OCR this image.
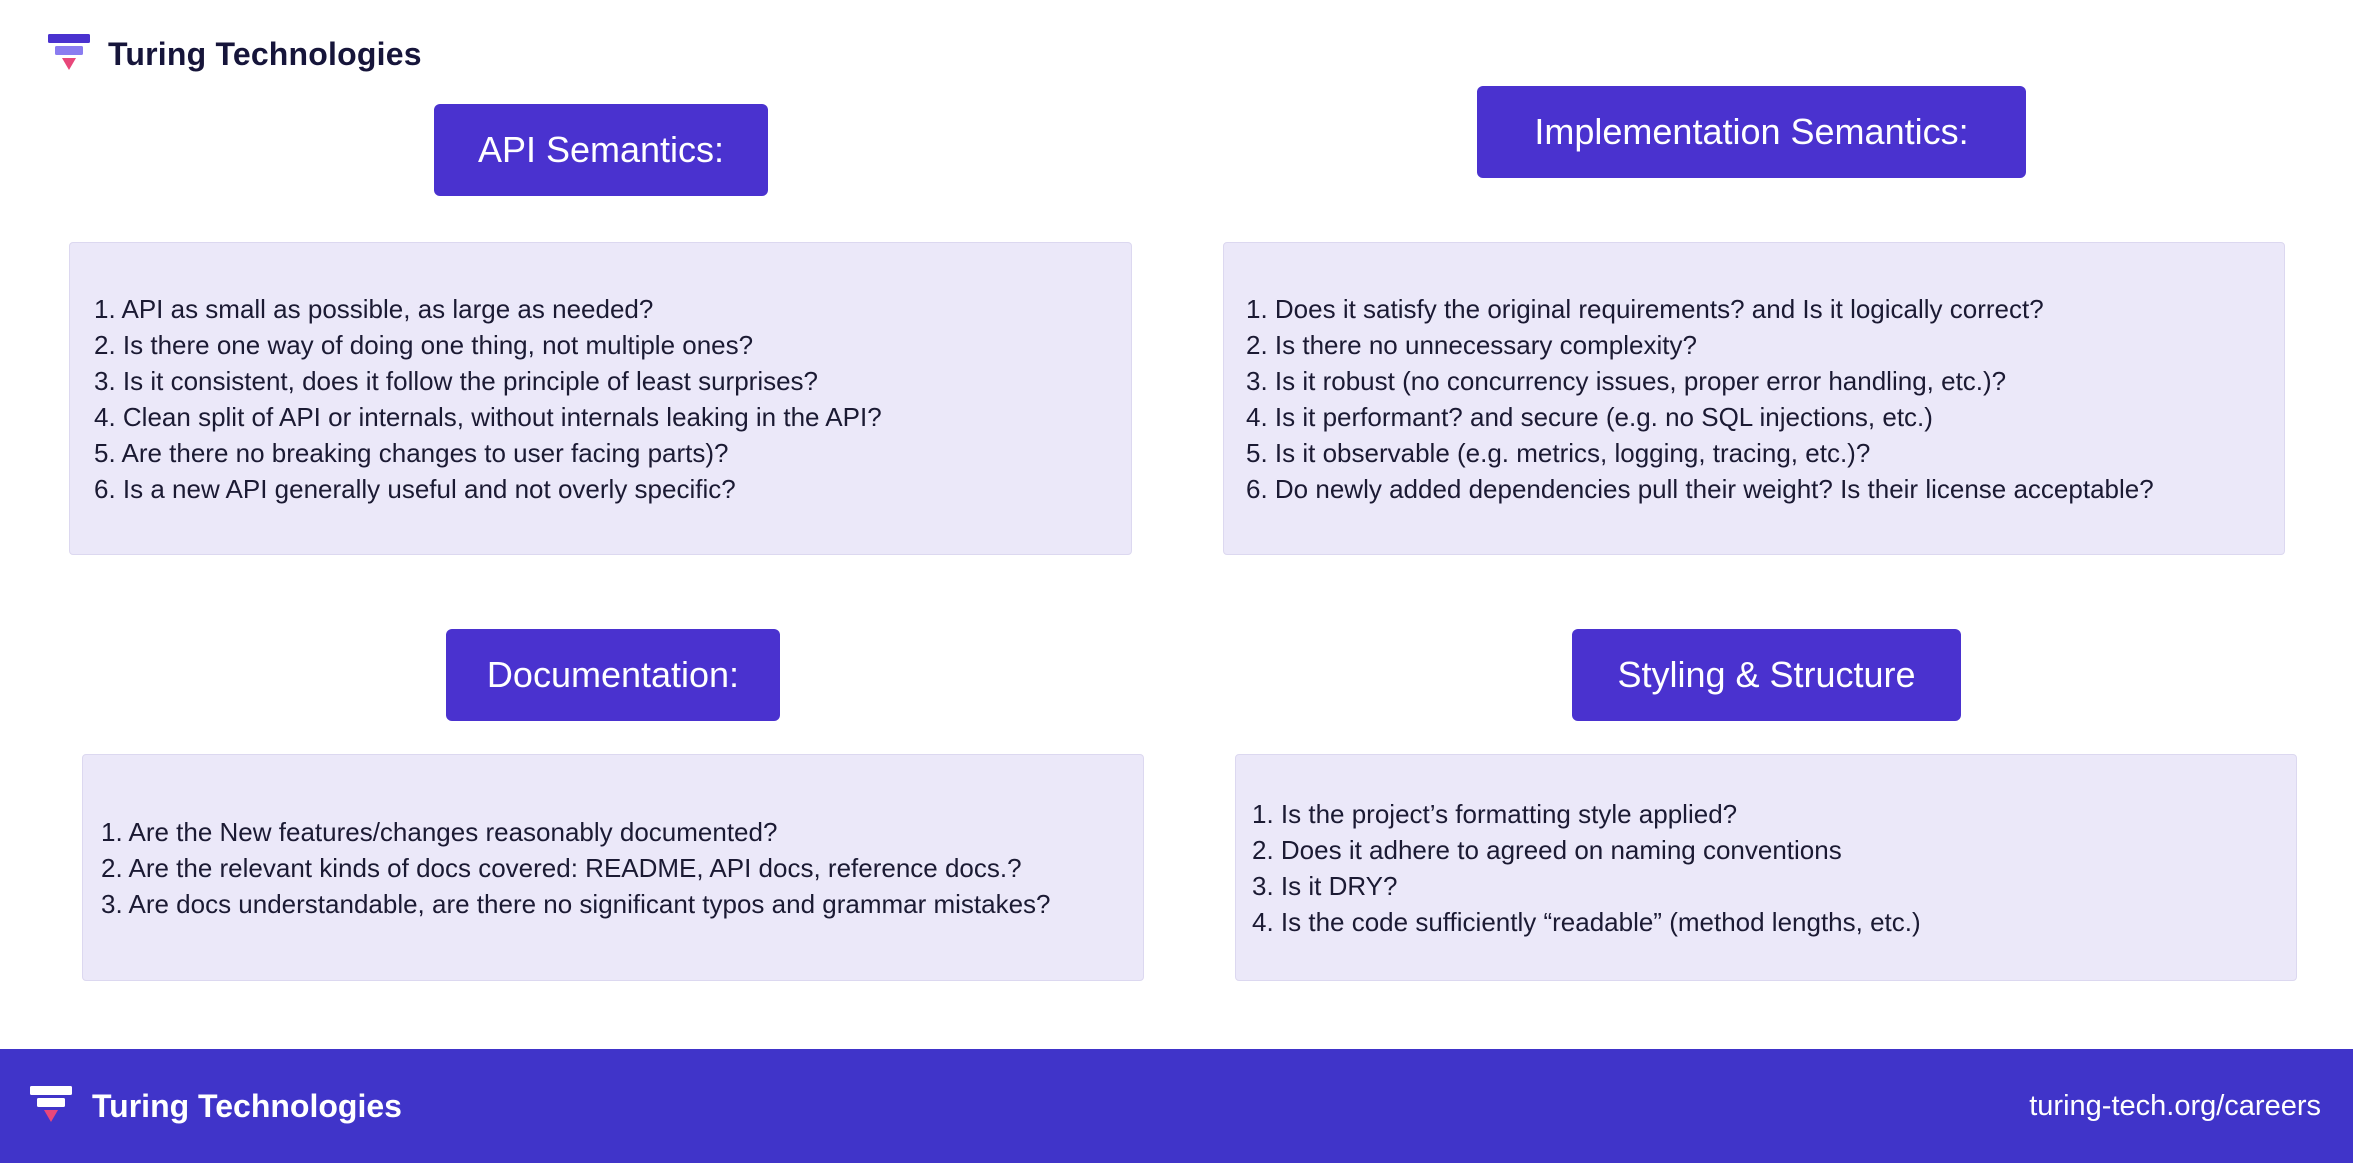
Turing Technologies
API Semantics:
1. API as small as possible, as large as needed?
2. Is there one way of doing one thing, not multiple ones?
3. Is it consistent, does it follow the principle of least surprises?
4. Clean split of API or internals, without internals leaking in the API?
5. Are there no breaking changes to user facing parts)?
6. Is a new API generally useful and not overly specific?
Implementation Semantics:
1. Does it satisfy the original requirements? and Is it logically correct?
2. Is there no unnecessary complexity?
3. Is it robust (no concurrency issues, proper error handling, etc.)?
4. Is it performant? and secure (e.g. no SQL injections, etc.)
5. Is it observable (e.g. metrics, logging, tracing, etc.)?
6. Do newly added dependencies pull their weight? Is their license acceptable?
Documentation:
1. Are the New features/changes reasonably documented?
2. Are the relevant kinds of docs covered: README, API docs, reference docs.?
3. Are docs understandable, are there no significant typos and grammar mistakes?
Styling & Structure
1. Is the project’s formatting style applied?
2. Does it adhere to agreed on naming conventions
3. Is it DRY?
4. Is the code sufficiently “readable” (method lengths, etc.)
Turing Technologies	turing-tech.org/careers
